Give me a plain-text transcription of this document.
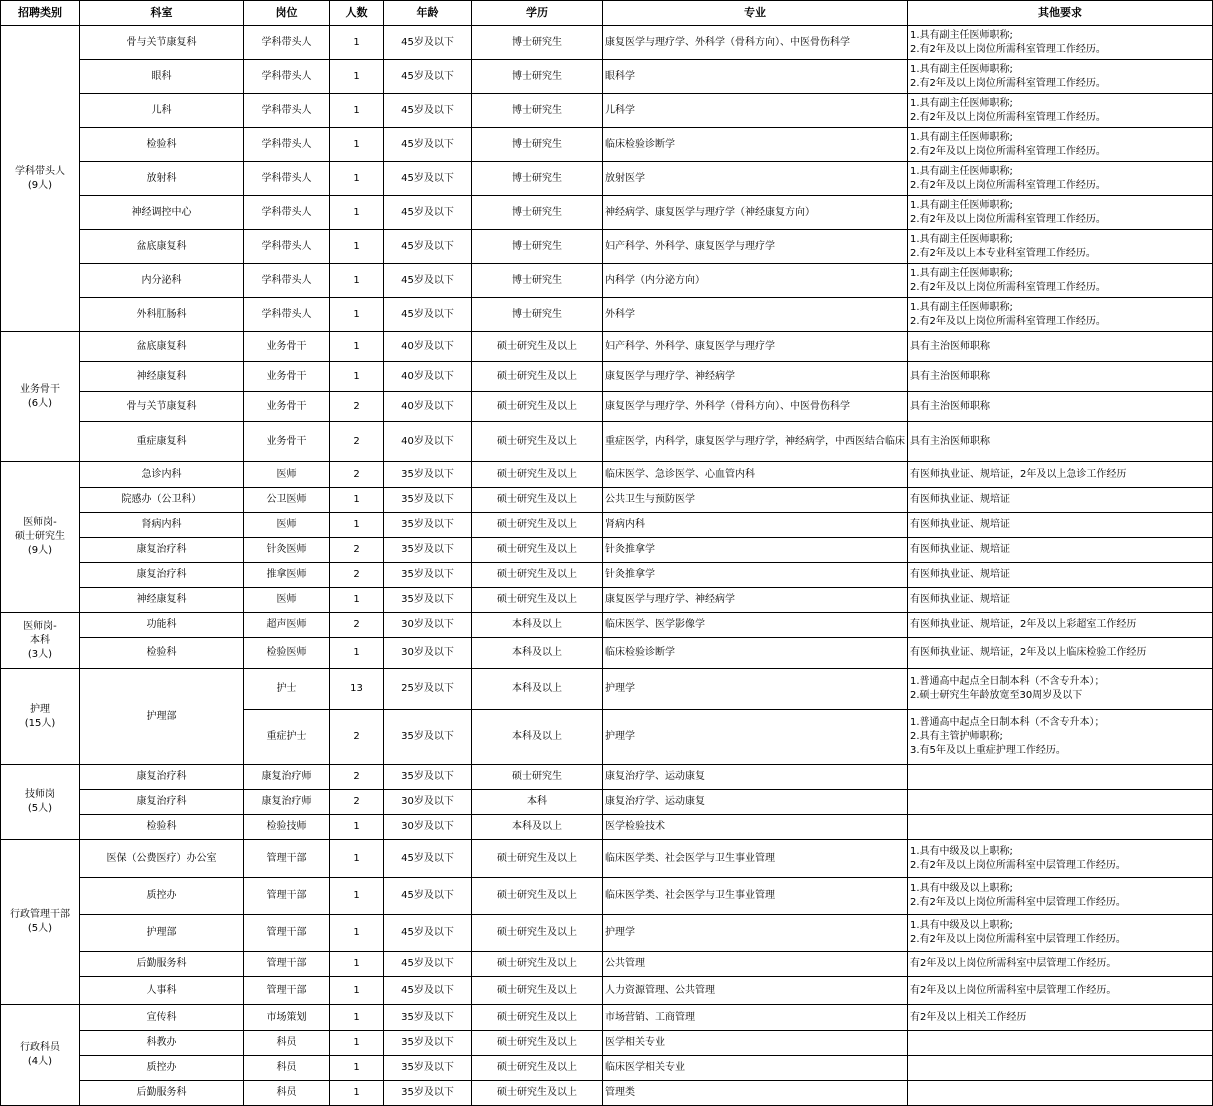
招聘类别	科室	岗位	人数	年龄	学历	专业	其他要求
学科带头人
(9人)	骨与关节康复科	学科带头人	1	45岁及以下	博士研究生	康复医学与理疗学、外科学（骨科方向）、中医骨伤科学	1.具有副主任医师职称;
2.有2年及以上岗位所需科室管理工作经历。
	眼科	学科带头人	1	45岁及以下	博士研究生	眼科学	1.具有副主任医师职称;
2.有2年及以上岗位所需科室管理工作经历。
	儿科	学科带头人	1	45岁及以下	博士研究生	儿科学	1.具有副主任医师职称;
2.有2年及以上岗位所需科室管理工作经历。
	检验科	学科带头人	1	45岁及以下	博士研究生	临床检验诊断学	1.具有副主任医师职称;
2.有2年及以上岗位所需科室管理工作经历。
	放射科	学科带头人	1	45岁及以下	博士研究生	放射医学	1.具有副主任医师职称;
2.有2年及以上岗位所需科室管理工作经历。
	神经调控中心	学科带头人	1	45岁及以下	博士研究生	神经病学、康复医学与理疗学（神经康复方向）	1.具有副主任医师职称;
2.有2年及以上岗位所需科室管理工作经历。
	盆底康复科	学科带头人	1	45岁及以下	博士研究生	妇产科学、外科学、康复医学与理疗学	1.具有副主任医师职称;
2.有2年及以上本专业科室管理工作经历。
	内分泌科	学科带头人	1	45岁及以下	博士研究生	内科学（内分泌方向）	1.具有副主任医师职称;
2.有2年及以上岗位所需科室管理工作经历。
	外科肛肠科	学科带头人	1	45岁及以下	博士研究生	外科学	1.具有副主任医师职称;
2.有2年及以上岗位所需科室管理工作经历。
业务骨干
(6人)	盆底康复科	业务骨干	1	40岁及以下	硕士研究生及以上	妇产科学、外科学、康复医学与理疗学	具有主治医师职称
	神经康复科	业务骨干	1	40岁及以下	硕士研究生及以上	康复医学与理疗学、神经病学	具有主治医师职称
	骨与关节康复科	业务骨干	2	40岁及以下	硕士研究生及以上	康复医学与理疗学、外科学（骨科方向）、中医骨伤科学	具有主治医师职称
	重症康复科	业务骨干	2	40岁及以下	硕士研究生及以上	重症医学，内科学，康复医学与理疗学，神经病学，中西医结合临床	具有主治医师职称
医师岗-
硕士研究生
(9人)	急诊内科	医师	2	35岁及以下	硕士研究生及以上	临床医学、急诊医学、心血管内科	有医师执业证、规培证，2年及以上急诊工作经历
	院感办（公卫科）	公卫医师	1	35岁及以下	硕士研究生及以上	公共卫生与预防医学	有医师执业证、规培证
	肾病内科	医师	1	35岁及以下	硕士研究生及以上	肾病内科	有医师执业证、规培证
	康复治疗科	针灸医师	2	35岁及以下	硕士研究生及以上	针灸推拿学	有医师执业证、规培证
	康复治疗科	推拿医师	2	35岁及以下	硕士研究生及以上	针灸推拿学	有医师执业证、规培证
	神经康复科	医师	1	35岁及以下	硕士研究生及以上	康复医学与理疗学、神经病学	有医师执业证、规培证
医师岗-
本科
(3人)	功能科	超声医师	2	30岁及以下	本科及以上	临床医学、医学影像学	有医师执业证、规培证，2年及以上彩超室工作经历
	检验科	检验医师	1	30岁及以下	本科及以上	临床检验诊断学	有医师执业证、规培证，2年及以上临床检验工作经历
护理
(15人)	护理部	护士	13	25岁及以下	本科及以上	护理学	1.普通高中起点全日制本科（不含专升本）；
2.硕士研究生年龄放宽至30周岁及以下
		重症护士	2	35岁及以下	本科及以上	护理学	1.普通高中起点全日制本科（不含专升本）；
2.具有主管护师职称;
3.有5年及以上重症护理工作经历。
技师岗
(5人)	康复治疗科	康复治疗师	2	35岁及以下	硕士研究生	康复治疗学、运动康复	
	康复治疗科	康复治疗师	2	30岁及以下	本科	康复治疗学、运动康复	
	检验科	检验技师	1	30岁及以下	本科及以上	医学检验技术	
行政管理干部
(5人)	医保（公费医疗）办公室	管理干部	1	45岁及以下	硕士研究生及以上	临床医学类、社会医学与卫生事业管理	1.具有中级及以上职称;
2.有2年及以上岗位所需科室中层管理工作经历。
	质控办	管理干部	1	45岁及以下	硕士研究生及以上	临床医学类、社会医学与卫生事业管理	1.具有中级及以上职称;
2.有2年及以上岗位所需科室中层管理工作经历。
	护理部	管理干部	1	45岁及以下	硕士研究生及以上	护理学	1.具有中级及以上职称;
2.有2年及以上岗位所需科室中层管理工作经历。
	后勤服务科	管理干部	1	45岁及以下	硕士研究生及以上	公共管理	有2年及以上岗位所需科室中层管理工作经历。
	人事科	管理干部	1	45岁及以下	硕士研究生及以上	人力资源管理、公共管理	有2年及以上岗位所需科室中层管理工作经历。
行政科员
(4人)	宣传科	市场策划	1	35岁及以下	硕士研究生及以上	市场营销、工商管理	有2年及以上相关工作经历
	科教办	科员	1	35岁及以下	硕士研究生及以上	医学相关专业	
	质控办	科员	1	35岁及以下	硕士研究生及以上	临床医学相关专业	
	后勤服务科	科员	1	35岁及以下	硕士研究生及以上	管理类	
